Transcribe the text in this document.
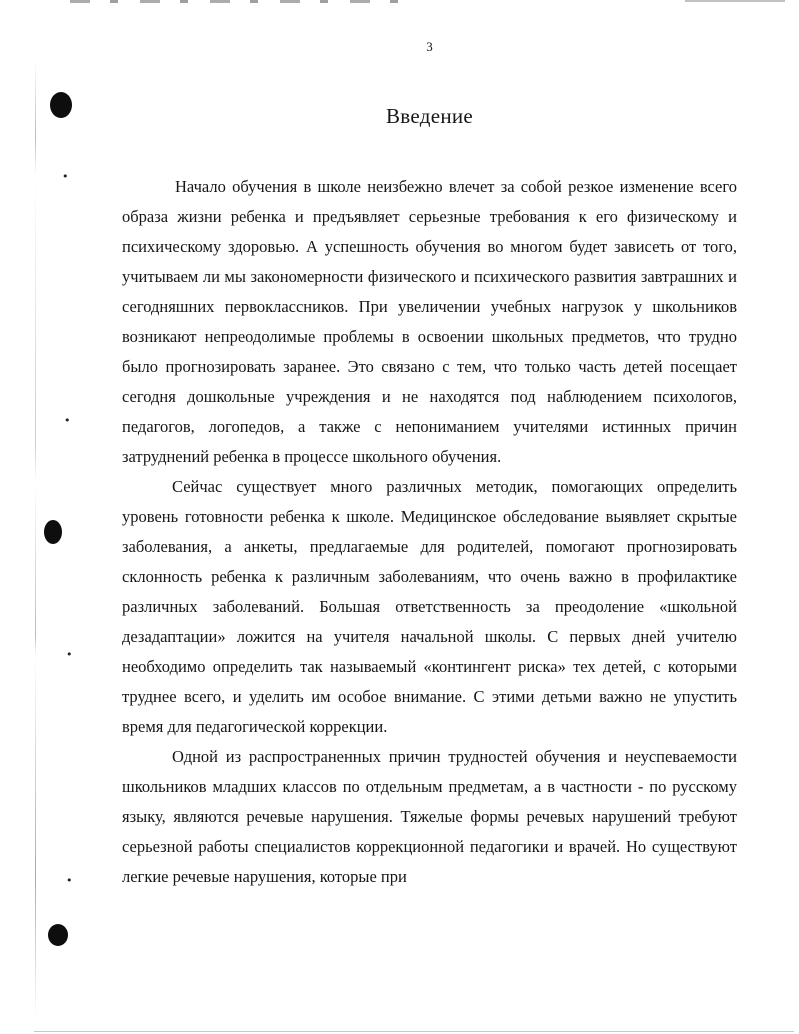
•
•
•
•
3
Введение

Начало обучения в школе неизбежно влечет за собой резкое изменение всего образа жизни ребенка и предъявляет серьезные требования к его физическому и психическому здоровью. А успешность обучения во многом будет зависеть от того, учитываем ли мы закономерности физического и психического развития завтрашних и сегодняшних первоклассников. При увеличении учебных нагрузок у школьников возникают непреодолимые проблемы в освоении школьных предметов, что трудно было прогнозировать заранее. Это связано с тем, что только часть детей посещает сегодня дошкольные учреждения и не находятся под наблюдением психологов, педагогов, логопедов, а также с непониманием учителями истинных причин затруднений ребенка в процессе школьного обучения.

Сейчас существует много различных методик, помогающих определить уровень готовности ребенка к школе. Медицинское обследование выявляет скрытые заболевания, а анкеты, предлагаемые для родителей, помогают прогнозировать склонность ребенка к различным заболеваниям, что очень важно в профилактике различных заболеваний. Большая ответственность за преодоление «школьной дезадаптации» ложится на учителя начальной школы. С первых дней учителю необходимо определить так называемый «контингент риска» тех детей, с которыми труднее всего, и уделить им особое внимание. С этими детьми важно не упустить время для педагогической коррекции.

Одной из распространенных причин трудностей обучения и неуспеваемости школьников младших классов по отдельным предметам, а в частности - по русскому языку, являются речевые нарушения. Тяжелые формы речевых нарушений требуют серьезной работы специалистов коррекционной педагогики и врачей. Но существуют легкие речевые нарушения, которые при
